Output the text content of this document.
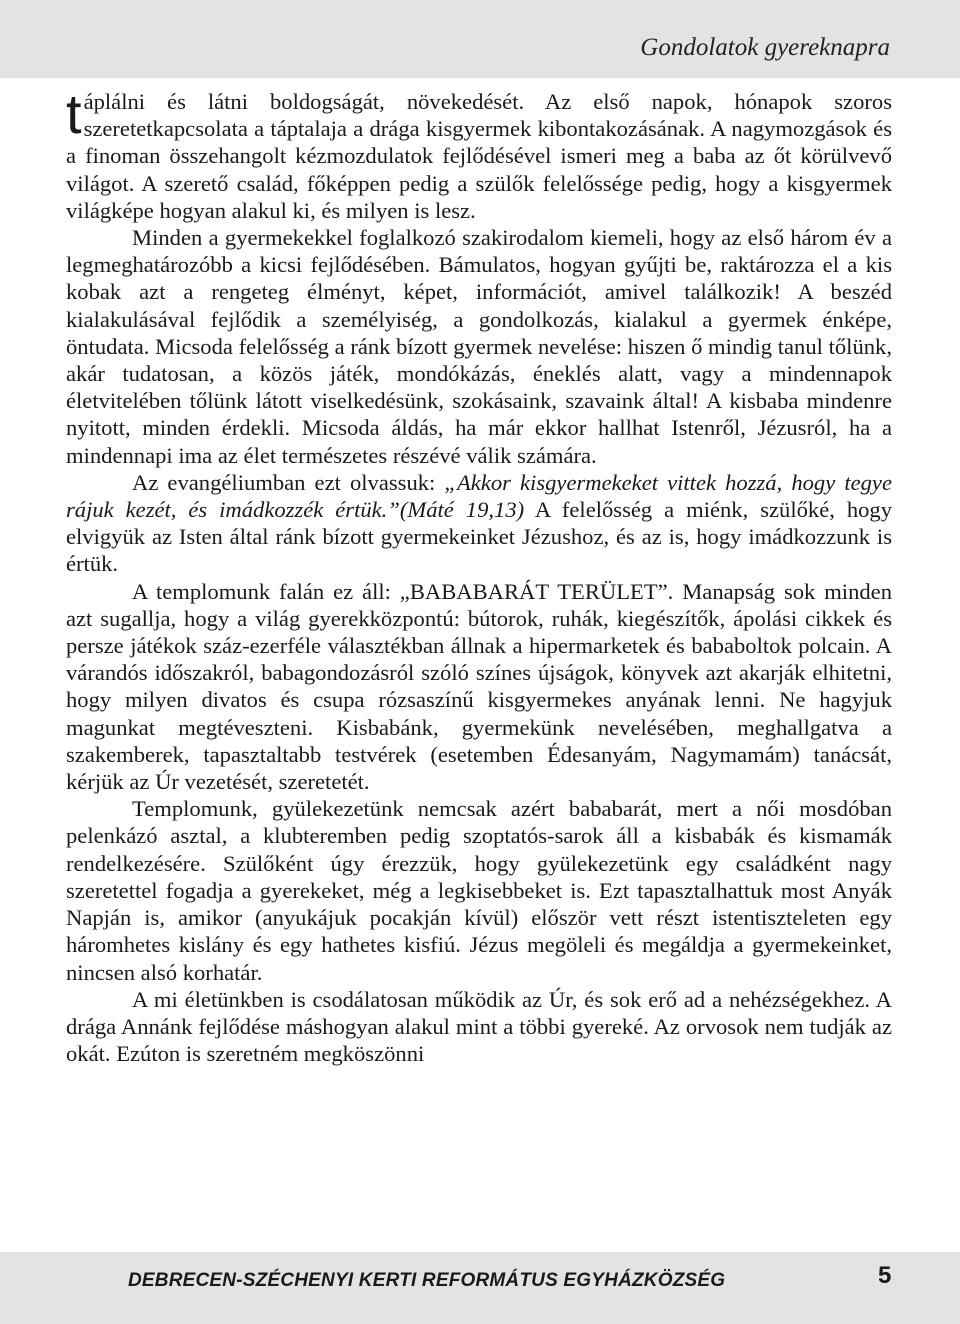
Gondolatok gyereknapra

táplálni és látni boldogságát, növekedését. Az első napok, hónapok szoros szeretetkapcsolata a táptalaja a drága kisgyermek kibontakozásának. A nagymozgások és a finoman összehangolt kézmozdulatok fejlődésével ismeri meg a baba az őt körülvevő világot. A szerető család, főképpen pedig a szülők felelőssége pedig, hogy a kisgyermek világképe hogyan alakul ki, és milyen is lesz.

Minden a gyermekekkel foglalkozó szakirodalom kiemeli, hogy az első három év a legmeghatározóbb a kicsi fejlődésében. Bámulatos, hogyan gyűjti be, raktározza el a kis kobak azt a rengeteg élményt, képet, információt, amivel találkozik! A beszéd kialakulásával fejlődik a személyiség, a gondolkozás, kialakul a gyermek énképe, öntudata. Micsoda felelősség a ránk bízott gyermek nevelése: hiszen ő mindig tanul tőlünk, akár tudatosan, a közös játék, mondókázás, éneklés alatt, vagy a mindennapok életvitelében tőlünk látott viselkedésünk, szokásaink, szavaink által! A kisbaba mindenre nyitott, minden érdekli. Micsoda áldás, ha már ekkor hallhat Istenről, Jézusról, ha a mindennapi ima az élet természetes részévé válik számára.

Az evangéliumban ezt olvassuk: „Akkor kisgyermekeket vittek hozzá, hogy tegye rájuk kezét, és imádkozzék értük.”(Máté 19,13) A felelősség a miénk, szülőké, hogy elvigyük az Isten által ránk bízott gyermekeinket Jézushoz, és az is, hogy imádkozzunk is értük.

A templomunk falán ez áll: „BABABARÁT TERÜLET”. Manapság sok minden azt sugallja, hogy a világ gyerekközpontú: bútorok, ruhák, kiegészítők, ápolási cikkek és persze játékok száz-ezerféle választékban állnak a hipermarketek és bababoltok polcain. A várandós időszakról, babagondozásról szóló színes újságok, könyvek azt akarják elhitetni, hogy milyen divatos és csupa rózsaszínű kisgyermekes anyának lenni. Ne hagyjuk magunkat megtéveszteni. Kisbabánk, gyermekünk nevelésében, meghallgatva a szakemberek, tapasztaltabb testvérek (esetemben Édesanyám, Nagymamám) tanácsát, kérjük az Úr vezetését, szeretetét.

Templomunk, gyülekezetünk nemcsak azért bababarát, mert a női mosdóban pelenkázó asztal, a klubteremben pedig szoptatós-sarok áll a kisbabák és kismamák rendelkezésére. Szülőként úgy érezzük, hogy gyülekezetünk egy családként nagy szeretettel fogadja a gyerekeket, még a legkisebbeket is. Ezt tapasztalhattuk most Anyák Napján is, amikor (anyukájuk pocakján kívül) először vett részt istentiszteleten egy háromhetes kislány és egy hathetes kisfiú. Jézus megöleli és megáldja a gyermekeinket, nincsen alsó korhatár.

A mi életünkben is csodálatosan működik az Úr, és sok erő ad a nehézségekhez. A drága Annánk fejlődése máshogyan alakul mint a többi gyereké. Az orvosok nem tudják az okát. Ezúton is szeretném megköszönni

DEBRECEN-SZÉCHENYI KERTI REFORMÁTUS EGYHÁZKÖZSÉG	5
